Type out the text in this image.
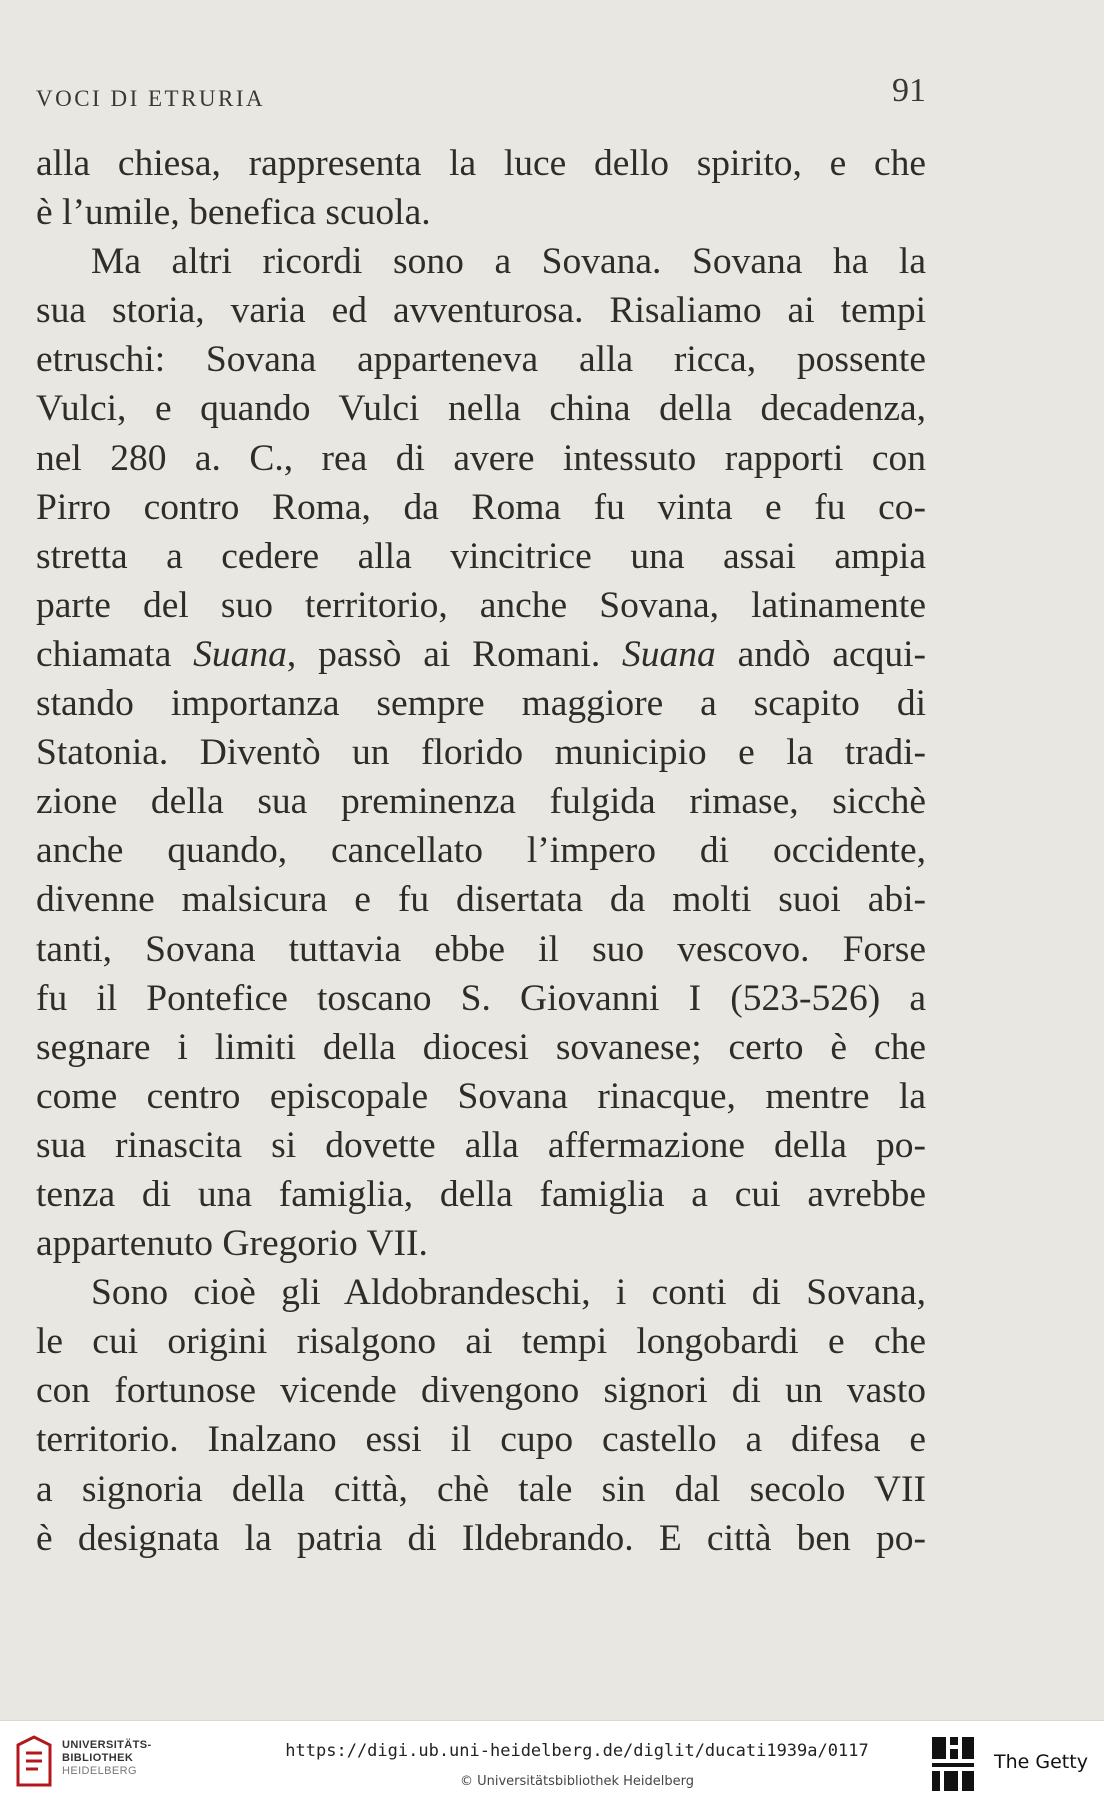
VOCI DI ETRURIA	91
alla chiesa, rappresenta la luce dello spirito, e che
è l’umile, benefica scuola.
Ma altri ricordi sono a Sovana. Sovana ha la
sua storia, varia ed avventurosa. Risaliamo ai tempi
etruschi: Sovana apparteneva alla ricca, possente
Vulci, e quando Vulci nella china della decadenza,
nel 280 a. C., rea di avere intessuto rapporti con
Pirro contro Roma, da Roma fu vinta e fu co-
stretta a cedere alla vincitrice una assai ampia
parte del suo territorio, anche Sovana, latinamente
chiamata Suana, passò ai Romani. Suana andò acqui-
stando importanza sempre maggiore a scapito di
Statonia. Diventò un florido municipio e la tradi-
zione della sua preminenza fulgida rimase, sicchè
anche quando, cancellato l’impero di occidente,
divenne malsicura e fu disertata da molti suoi abi-
tanti, Sovana tuttavia ebbe il suo vescovo. Forse
fu il Pontefice toscano S. Giovanni I (523-526) a
segnare i limiti della diocesi sovanese; certo è che
come centro episcopale Sovana rinacque, mentre la
sua rinascita si dovette alla affermazione della po-
tenza di una famiglia, della famiglia a cui avrebbe
appartenuto Gregorio VII.
Sono cioè gli Aldobrandeschi, i conti di Sovana,
le cui origini risalgono ai tempi longobardi e che
con fortunose vicende divengono signori di un vasto
territorio. Inalzano essi il cupo castello a difesa e
a signoria della città, chè tale sin dal secolo VII
è designata la patria di Ildebrando. E città ben po-
UNIVERSITÄTS-
BIBLIOTHEK
HEIDELBERG
https://digi.ub.uni-heidelberg.de/diglit/ducati1939a/0117
© Universitätsbibliothek Heidelberg
The Getty
